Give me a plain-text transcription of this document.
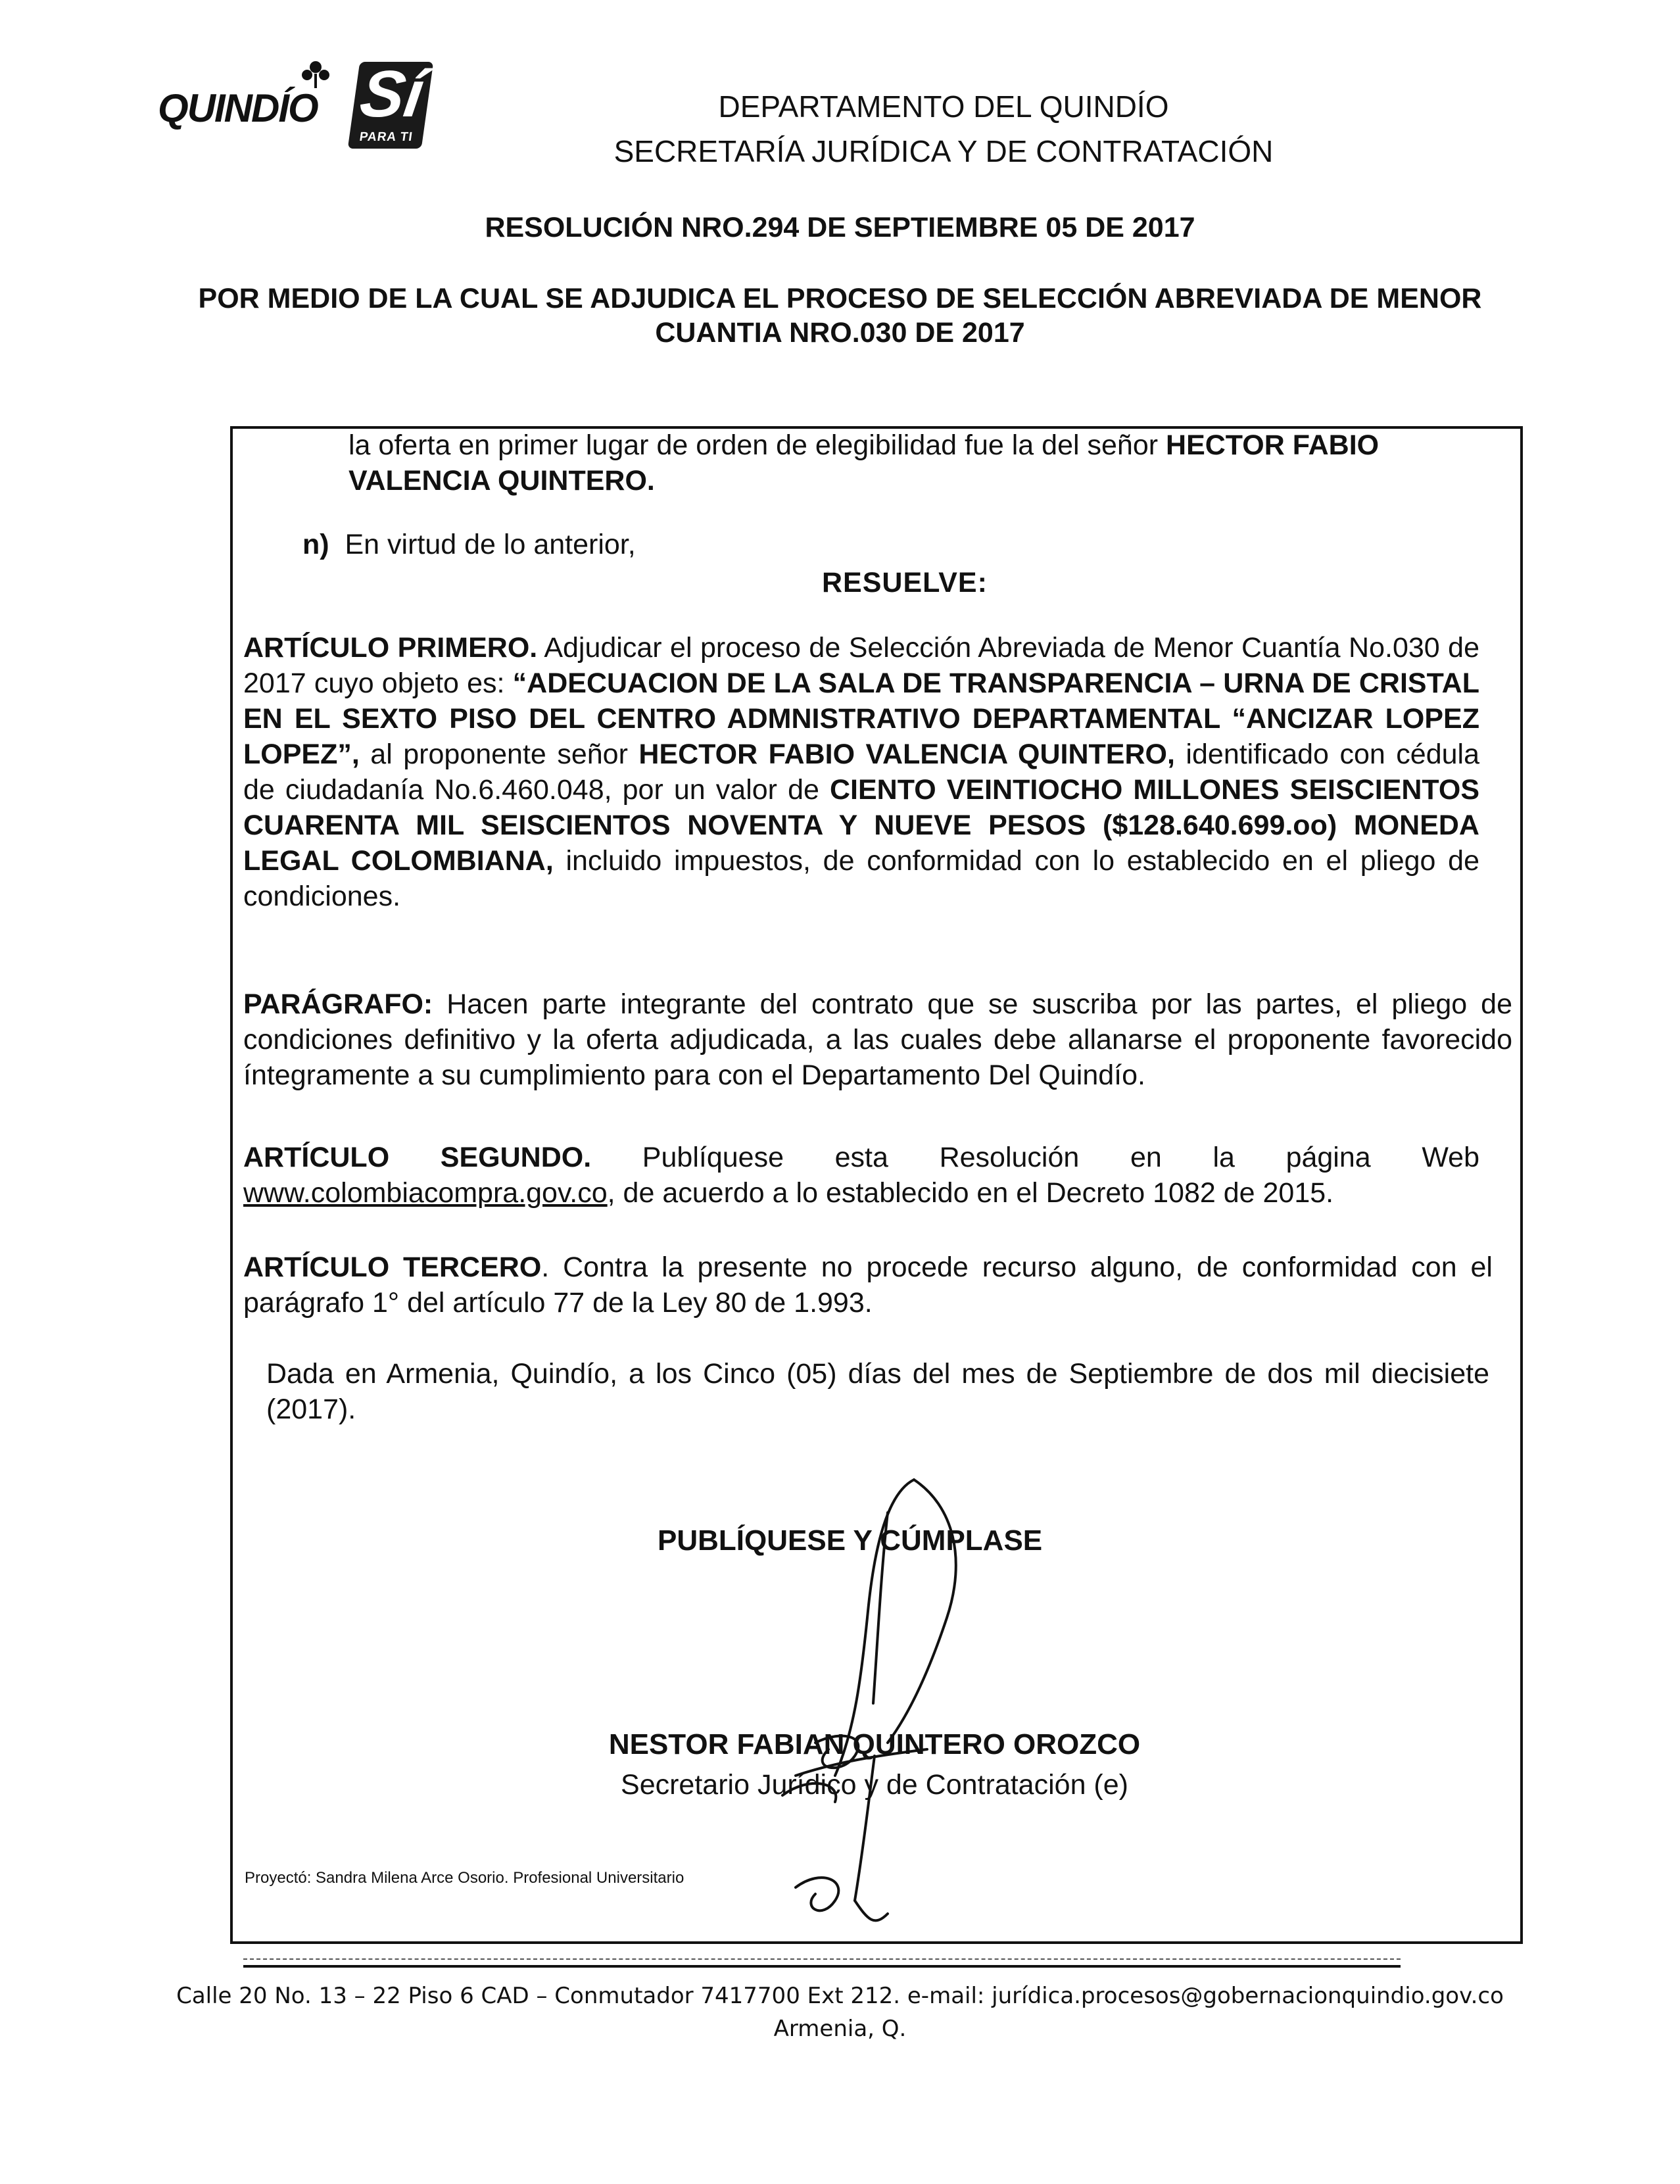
QUINDÍO Sí
PARA TI
DEPARTAMENTO DEL QUINDÍO
SECRETARÍA JURÍDICA Y DE CONTRATACIÓN
RESOLUCIÓN NRO.294 DE SEPTIEMBRE 05 DE 2017
POR MEDIO DE LA CUAL SE ADJUDICA EL PROCESO DE SELECCIÓN ABREVIADA DE MENOR CUANTIA NRO.030 DE 2017
la oferta en primer lugar de orden de elegibilidad fue la del señor HECTOR FABIO VALENCIA QUINTERO.
n) En virtud de lo anterior,
RESUELVE:
ARTÍCULO PRIMERO. Adjudicar el proceso de Selección Abreviada de Menor Cuantía No.030 de 2017 cuyo objeto es: “ADECUACION DE LA SALA DE TRANSPARENCIA – URNA DE CRISTAL EN EL SEXTO PISO DEL CENTRO ADMNISTRATIVO DEPARTAMENTAL “ANCIZAR LOPEZ LOPEZ”, al proponente señor HECTOR FABIO VALENCIA QUINTERO, identificado con cédula de ciudadanía No.6.460.048, por un valor de CIENTO VEINTIOCHO MILLONES SEISCIENTOS CUARENTA MIL SEISCIENTOS NOVENTA Y NUEVE PESOS ($128.640.699.oo) MONEDA LEGAL COLOMBIANA, incluido impuestos, de conformidad con lo establecido en el pliego de condiciones.
PARÁGRAFO: Hacen parte integrante del contrato que se suscriba por las partes, el pliego de condiciones definitivo y la oferta adjudicada, a las cuales debe allanarse el proponente favorecido íntegramente a su cumplimiento para con el Departamento Del Quindío.
ARTÍCULO SEGUNDO. Publíquese esta Resolución en la página Web www.colombiacompra.gov.co, de acuerdo a lo establecido en el Decreto 1082 de 2015.
ARTÍCULO TERCERO. Contra la presente no procede recurso alguno, de conformidad con el parágrafo 1° del artículo 77 de la Ley 80 de 1.993.
Dada en Armenia, Quindío, a los Cinco (05) días del mes de Septiembre de dos mil diecisiete (2017).
PUBLÍQUESE Y CÚMPLASE
NESTOR FABIAN QUINTERO OROZCO
Secretario Jurídico y de Contratación (e)
Proyectó: Sandra Milena Arce Osorio. Profesional Universitario
Calle 20 No. 13 – 22 Piso 6 CAD – Conmutador 7417700 Ext 212. e-mail: jurídica.procesos@gobernacionquindio.gov.co
Armenia, Q.
